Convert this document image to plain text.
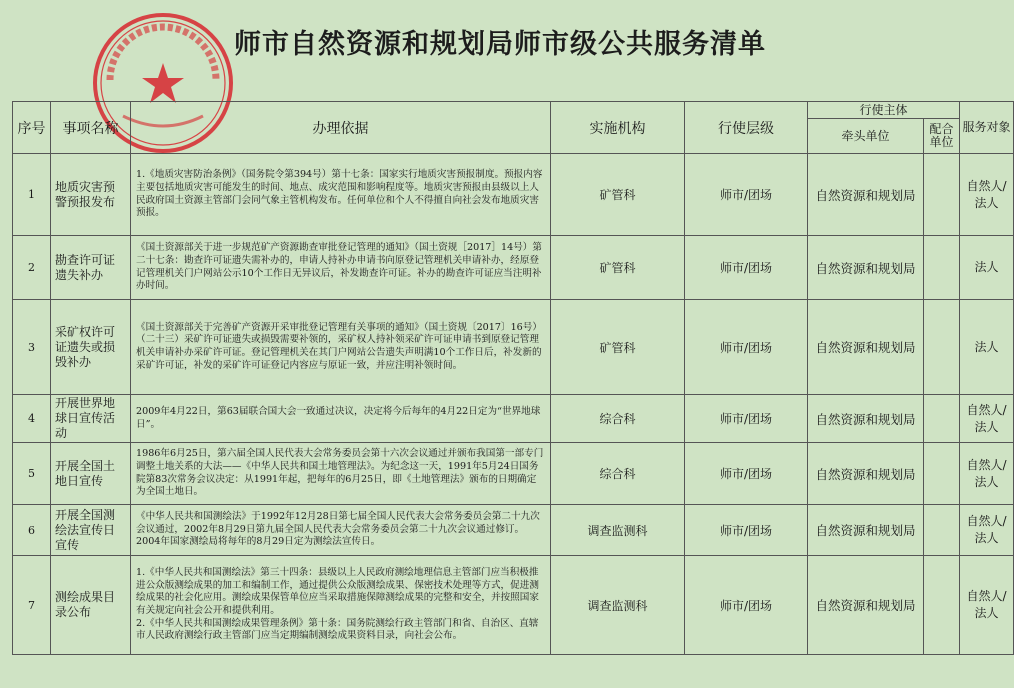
师市自然资源和规划局师市级公共服务清单
序号	事项名称	办理依据	实施机构	行使层级	行使主体		服务对象
					牵头单位	配合单位	
1	地质灾害预警预报发布	1.《地质灾害防治条例》（国务院令第394号）第十七条：国家实行地质灾害预报制度。预报内容主要包括地质灾害可能发生的时间、地点、成灾范围和影响程度等。地质灾害预报由县级以上人民政府国土资源主管部门会同气象主管机构发布。任何单位和个人不得擅自向社会发布地质灾害预报。	矿管科	师市/团场	自然资源和规划局		自然人/法人
2	勘查许可证遗失补办	《国土资源部关于进一步规范矿产资源勘查审批登记管理的通知》（国土资规［2017］14号）第二十七条：勘查许可证遗失需补办的，申请人持补办申请书向原登记管理机关申请补办，经原登记管理机关门户网站公示10个工作日无异议后，补发勘查许可证。补办的勘查许可证应当注明补办时间。	矿管科	师市/团场	自然资源和规划局		法人
3	采矿权许可证遗失或损毁补办	《国土资源部关于完善矿产资源开采审批登记管理有关事项的通知》（国土资规〔2017〕16号）（二十三）采矿许可证遗失或损毁需要补领的，采矿权人持补领采矿许可证申请书到原登记管理机关申请补办采矿许可证。登记管理机关在其门户网站公告遗失声明满10个工作日后，补发新的采矿许可证，补发的采矿许可证登记内容应与原证一致，并应注明补领时间。	矿管科	师市/团场	自然资源和规划局		法人
4	开展世界地球日宣传活动	2009年4月22日，第63届联合国大会一致通过决议，决定将今后每年的4月22日定为“世界地球日”。	综合科	师市/团场	自然资源和规划局		自然人/法人
5	开展全国土地日宣传	1986年6月25日，第六届全国人民代表大会常务委员会第十六次会议通过并颁布我国第一部专门调整土地关系的大法——《中华人民共和国土地管理法》。为纪念这一天，1991年5月24日国务院第83次常务会议决定：从1991年起，把每年的6月25日，即《土地管理法》颁布的日期确定为全国土地日。	综合科	师市/团场	自然资源和规划局		自然人/法人
6	开展全国测绘法宣传日宣传	《中华人民共和国测绘法》于1992年12月28日第七届全国人民代表大会常务委员会第二十九次会议通过，2002年8月29日第九届全国人民代表大会常务委员会第二十九次会议通过修订。2004年国家测绘局将每年的8月29日定为测绘法宣传日。	调查监测科	师市/团场	自然资源和规划局		自然人/法人
7	测绘成果目录公布	1.《中华人民共和国测绘法》第三十四条：县级以上人民政府测绘地理信息主管部门应当积极推进公众版测绘成果的加工和编制工作，通过提供公众版测绘成果、保密技术处理等方式，促进测绘成果的社会化应用。测绘成果保管单位应当采取措施保障测绘成果的完整和安全，并按照国家有关规定向社会公开和提供利用。
2.《中华人民共和国测绘成果管理条例》第十条：国务院测绘行政主管部门和省、自治区、直辖市人民政府测绘行政主管部门应当定期编制测绘成果资料目录，向社会公布。	调查监测科	师市/团场	自然资源和规划局		自然人/法人
